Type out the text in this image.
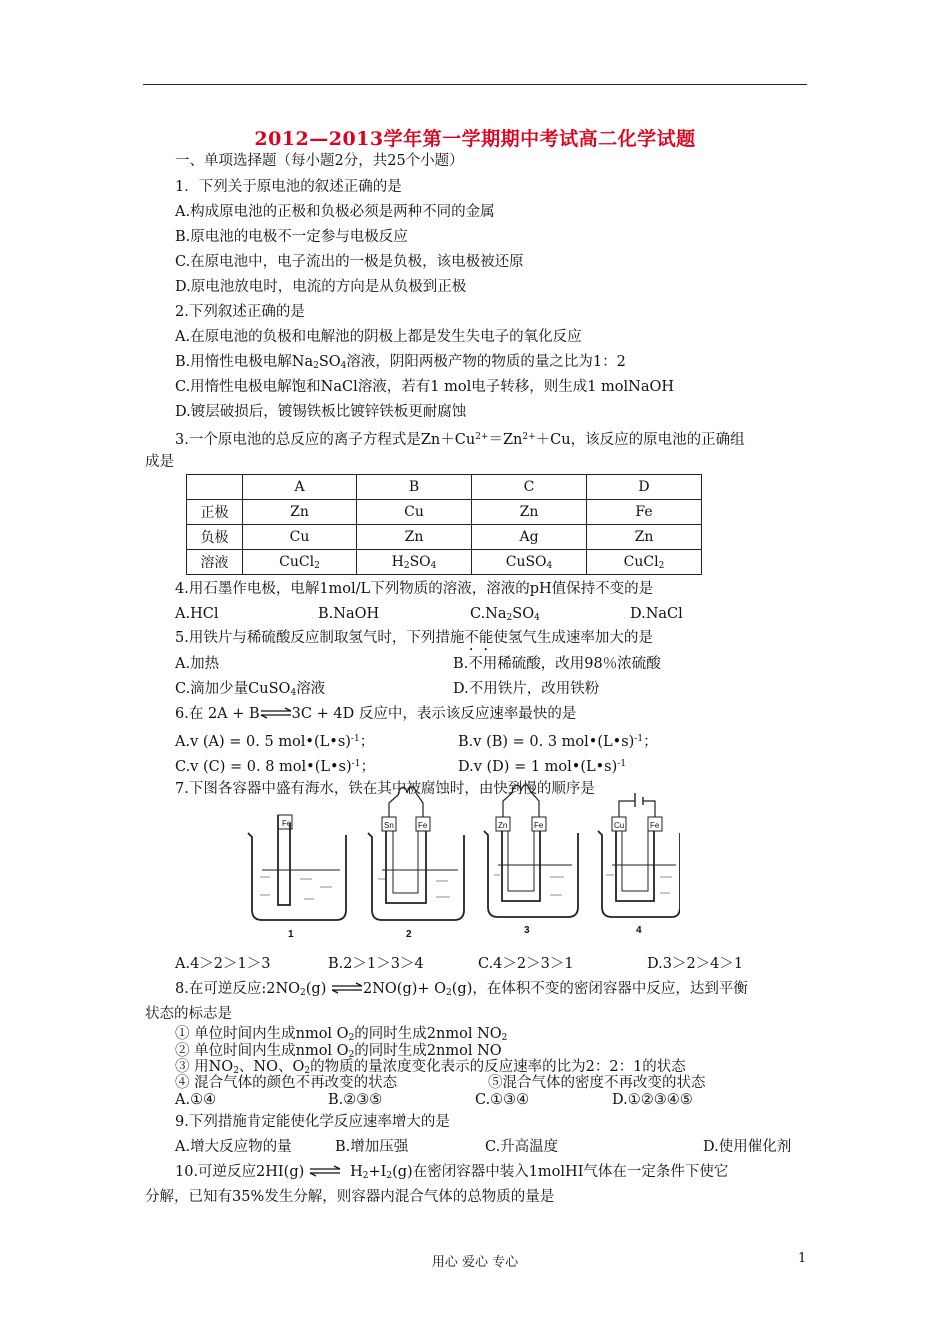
2012—2013学年第一学期期中考试高二化学试题
一、单项选择题（每小题2分，共25个小题）
1．下列关于原电池的叙述正确的是
A.构成原电池的正极和负极必须是两种不同的金属
B.原电池的电极不一定参与电极反应
C.在原电池中，电子流出的一极是负极，该电极被还原
D.原电池放电时，电流的方向是从负极到正极
2.下列叙述正确的是
A.在原电池的负极和电解池的阴极上都是发生失电子的氧化反应
B.用惰性电极电解$Na_2SO_4$溶液，阴阳两极产物的物质的量之比为1：2
C.用惰性电极电解饱和NaCl溶液，若有1 mol电子转移，则生成1 molNaOH
D.镀层破损后，镀锡铁板比镀锌铁板更耐腐蚀
3.一个原电池的总反应的离子方程式是$Zn+Cu^{2+}=Zn^{2+}+Cu$，该反应的原电池的正确组
成是
	A	B	C	D
正极	Zn	Cu	Zn	Fe
负极	Cu	Zn	Ag	Zn
溶液	CuCl$_2$	$H_2SO_4$	CuSO$_4$	CuCl$_2$
4.用石墨作电极，电解1mol/L下列物质的溶液，溶液的pH值保持不变的是
A.HCl	B.NaOH	$C.Na_2SO_4$	D.NaCl
5.用铁片与稀硫酸反应制取氢气时，下列措施不能使氢气生成速率加大的是
A.加热	B.不用稀硫酸，改用98％浓硫酸
C.滴加少量CuSO$_4$溶液	D.不用铁片，改用铁粉
6.在 2A + B⇌3C + 4D 反应中，表示该反应速率最快的是
A.v (A) = 0. 5 mol•(L•s)$^{-1}$；	B.v (B) = 0. 3 mol•(L•s)$^{-1}$；
C.v (C) = 0. 8 mol•(L•s)$^{-1}$；	D.v (D) = 1 mol•(L•s)$^{-1}$
7.下图各容器中盛有海水，铁在其中被腐蚀时，由快到慢的顺序是
Fe	Sn	Fe	Zn	Fe	Cu	Fe
1	2	3	4
A.4＞2＞1＞3	B.2＞1＞3＞4	C.4＞2＞3＞1	D.3＞2＞4＞1
8.在可逆反应$:2NO_2(g)$ ⇌2NO(g)+ $O_2(g)$，在体积不变的密闭容器中反应，达到平衡
状态的标志是
① 单位时间内生成nmol $O_2$的同时生成2nmol $NO_2$
② 单位时间内生成nmol $O_2$的同时生成2nmol NO
③ 用$NO_2$、NO、$O_2$的物质的量浓度变化表示的反应速率的比为2：2：1的状态
④ 混合气体的颜色不再改变的状态	⑤混合气体的密度不再改变的状态
A.①④	B.②③⑤	C.①③④	D.①②③④⑤
9.下列措施肯定能使化学反应速率增大的是
A.增大反应物的量	B.增加压强	C.升高温度	D.使用催化剂
10.可逆反应2HI(g) ⇌ $H_2+I_2(g)$在密闭容器中装入1molHI气体在一定条件下使它
分解，已知有35%发生分解，则容器内混合气体的总物质的量是
用心 爱心 专心	1
